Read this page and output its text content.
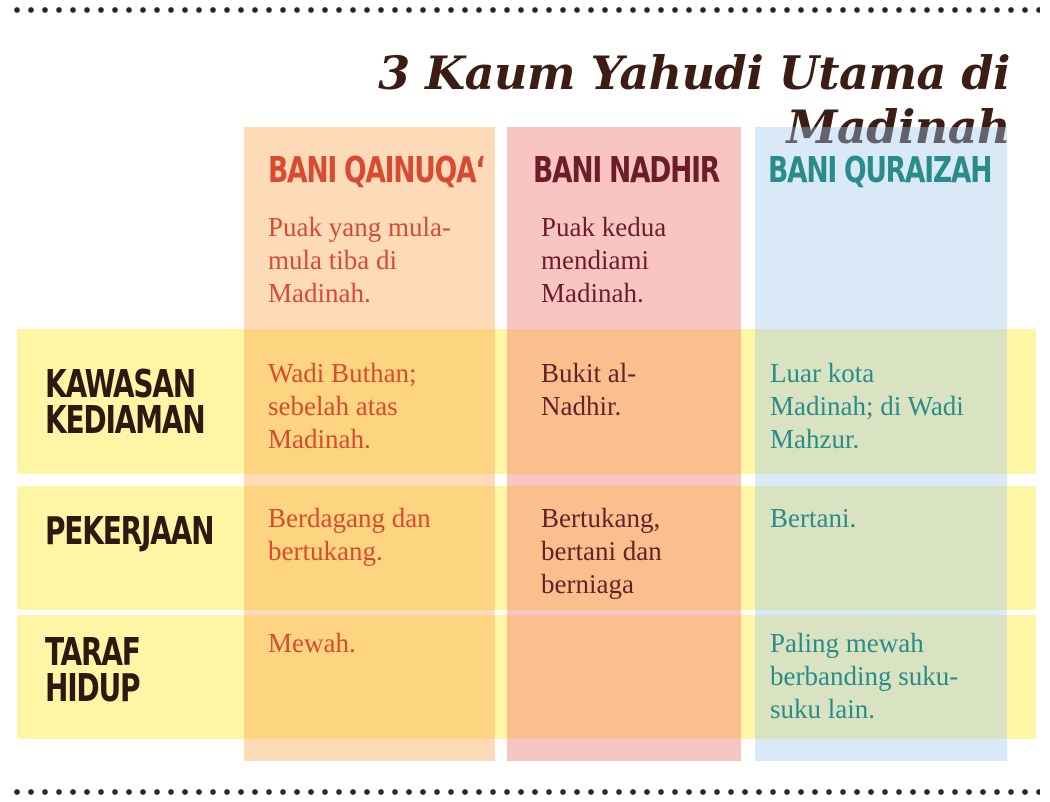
3 Kaum Yahudi Utama di Madinah
BANI QAINUQA‘ BANI NADHIR BANI QURAIZAH

Puak yang mula-mula tiba di Madinah.

Puak kedua mendiami Madinah.

KAWASAN
KEDIAMAN
PEKERJAAN
TARAF
HIDUP

Wadi Buthan; sebelah atas Madinah.

Bukit al-Nadhir.

Luar kota Madinah; di Wadi Mahzur.

Berdagang dan bertukang.

Bertukang, bertani dan berniaga

Bertani.

Mewah.	Paling mewah berbanding suku-suku lain.
